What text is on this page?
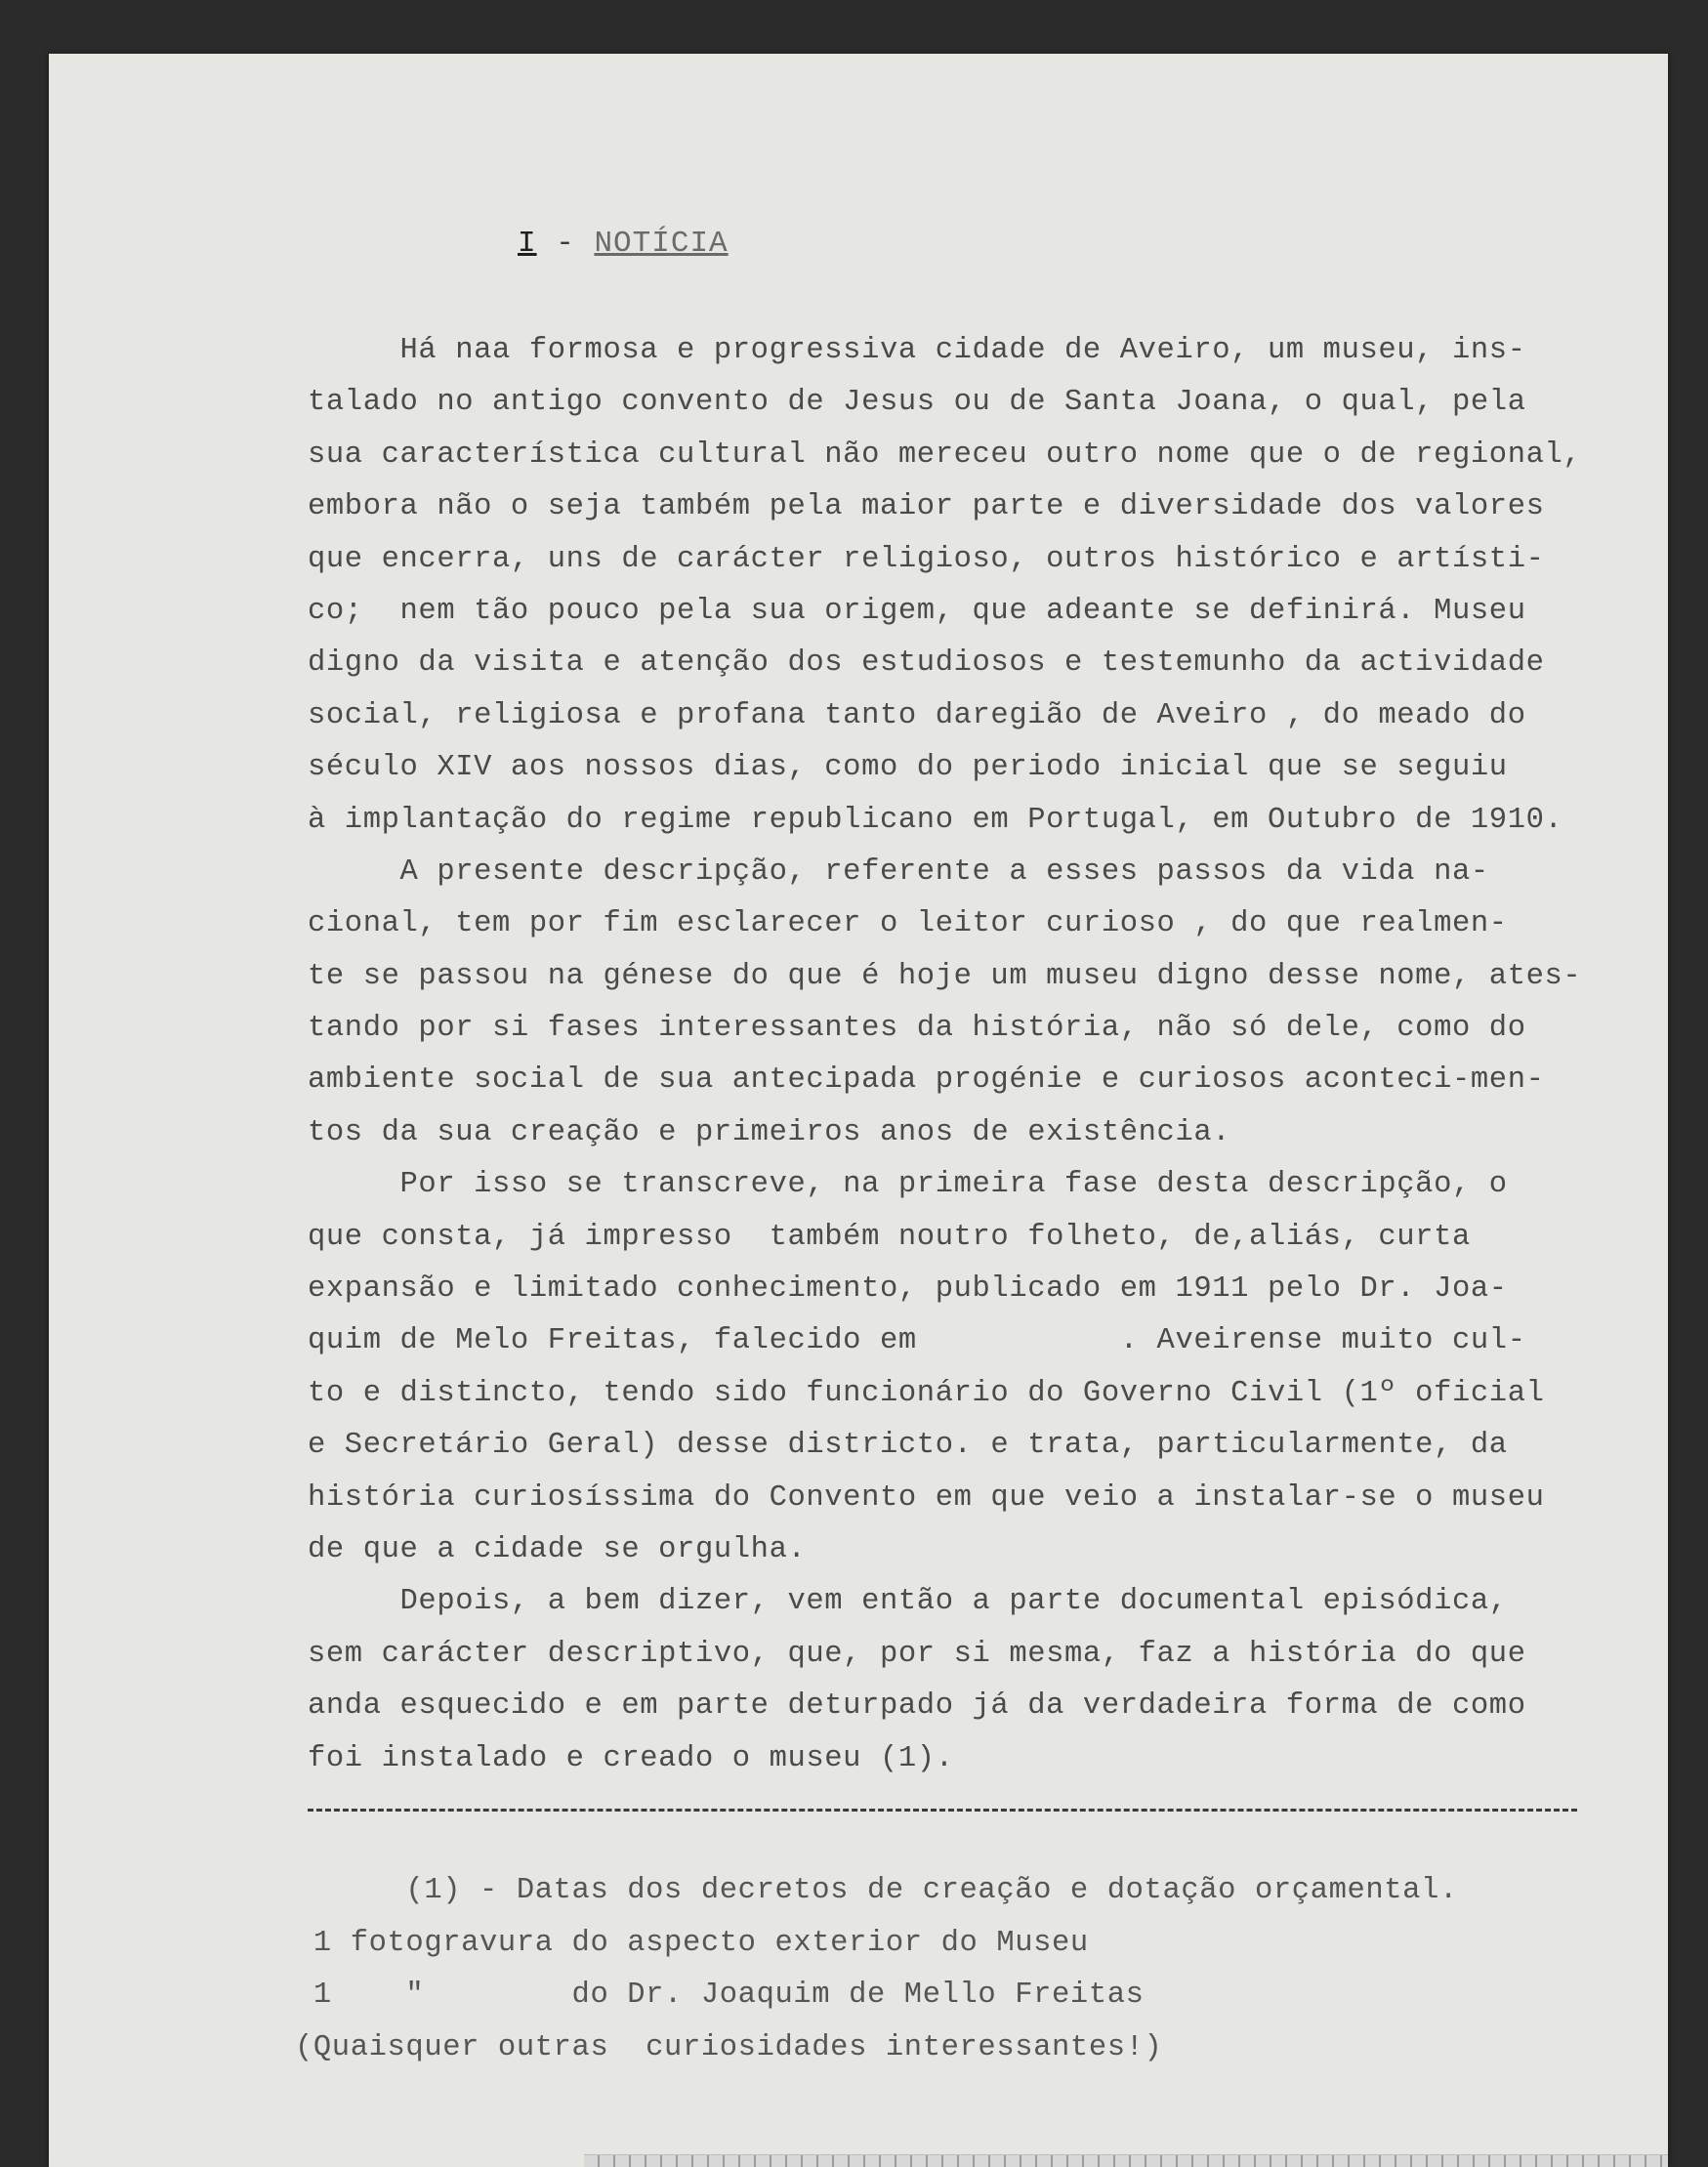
I - NOTÍCIA
Há naa formosa e progressiva cidade de Aveiro, um museu, ins-
talado no antigo convento de Jesus ou de Santa Joana, o qual, pela
sua característica cultural não mereceu outro nome que o de regional,
embora não o seja também pela maior parte e diversidade dos valores
que encerra, uns de carácter religioso, outros histórico e artísti-
co;  nem tão pouco pela sua origem, que adeante se definirá. Museu
digno da visita e atenção dos estudiosos e testemunho da actividade
social, religiosa e profana tanto daregião de Aveiro , do meado do
século XIV aos nossos dias, como do periodo inicial que se seguiu
à implantação do regime republicano em Portugal, em Outubro de 1910.
A presente descripção, referente a esses passos da vida na-
cional, tem por fim esclarecer o leitor curioso , do que realmen-
te se passou na génese do que é hoje um museu digno desse nome, ates-
tando por si fases interessantes da história, não só dele, como do
ambiente social de sua antecipada progénie e curiosos aconteci-men-
tos da sua creação e primeiros anos de existência.
Por isso se transcreve, na primeira fase desta descripção, o
que consta, já impresso  também noutro folheto, de,aliás, curta
expansão e limitado conhecimento, publicado em 1911 pelo Dr. Joa-
quim de Melo Freitas, falecido em           . Aveirense muito cul-
to e distincto, tendo sido funcionário do Governo Civil (1º oficial
e Secretário Geral) desse districto. e trata, particularmente, da
história curiosíssima do Convento em que veio a instalar-se o museu
de que a cidade se orgulha.
Depois, a bem dizer, vem então a parte documental episódica,
sem carácter descriptivo, que, por si mesma, faz a história do que
anda esquecido e em parte deturpado já da verdadeira forma de como
foi instalado e creado o museu (1).
(1) - Datas dos decretos de creação e dotação orçamental.
1 fotogravura do aspecto exterior do Museu
1    "        do Dr. Joaquim de Mello Freitas
(Quaisquer outras  curiosidades interessantes!)
